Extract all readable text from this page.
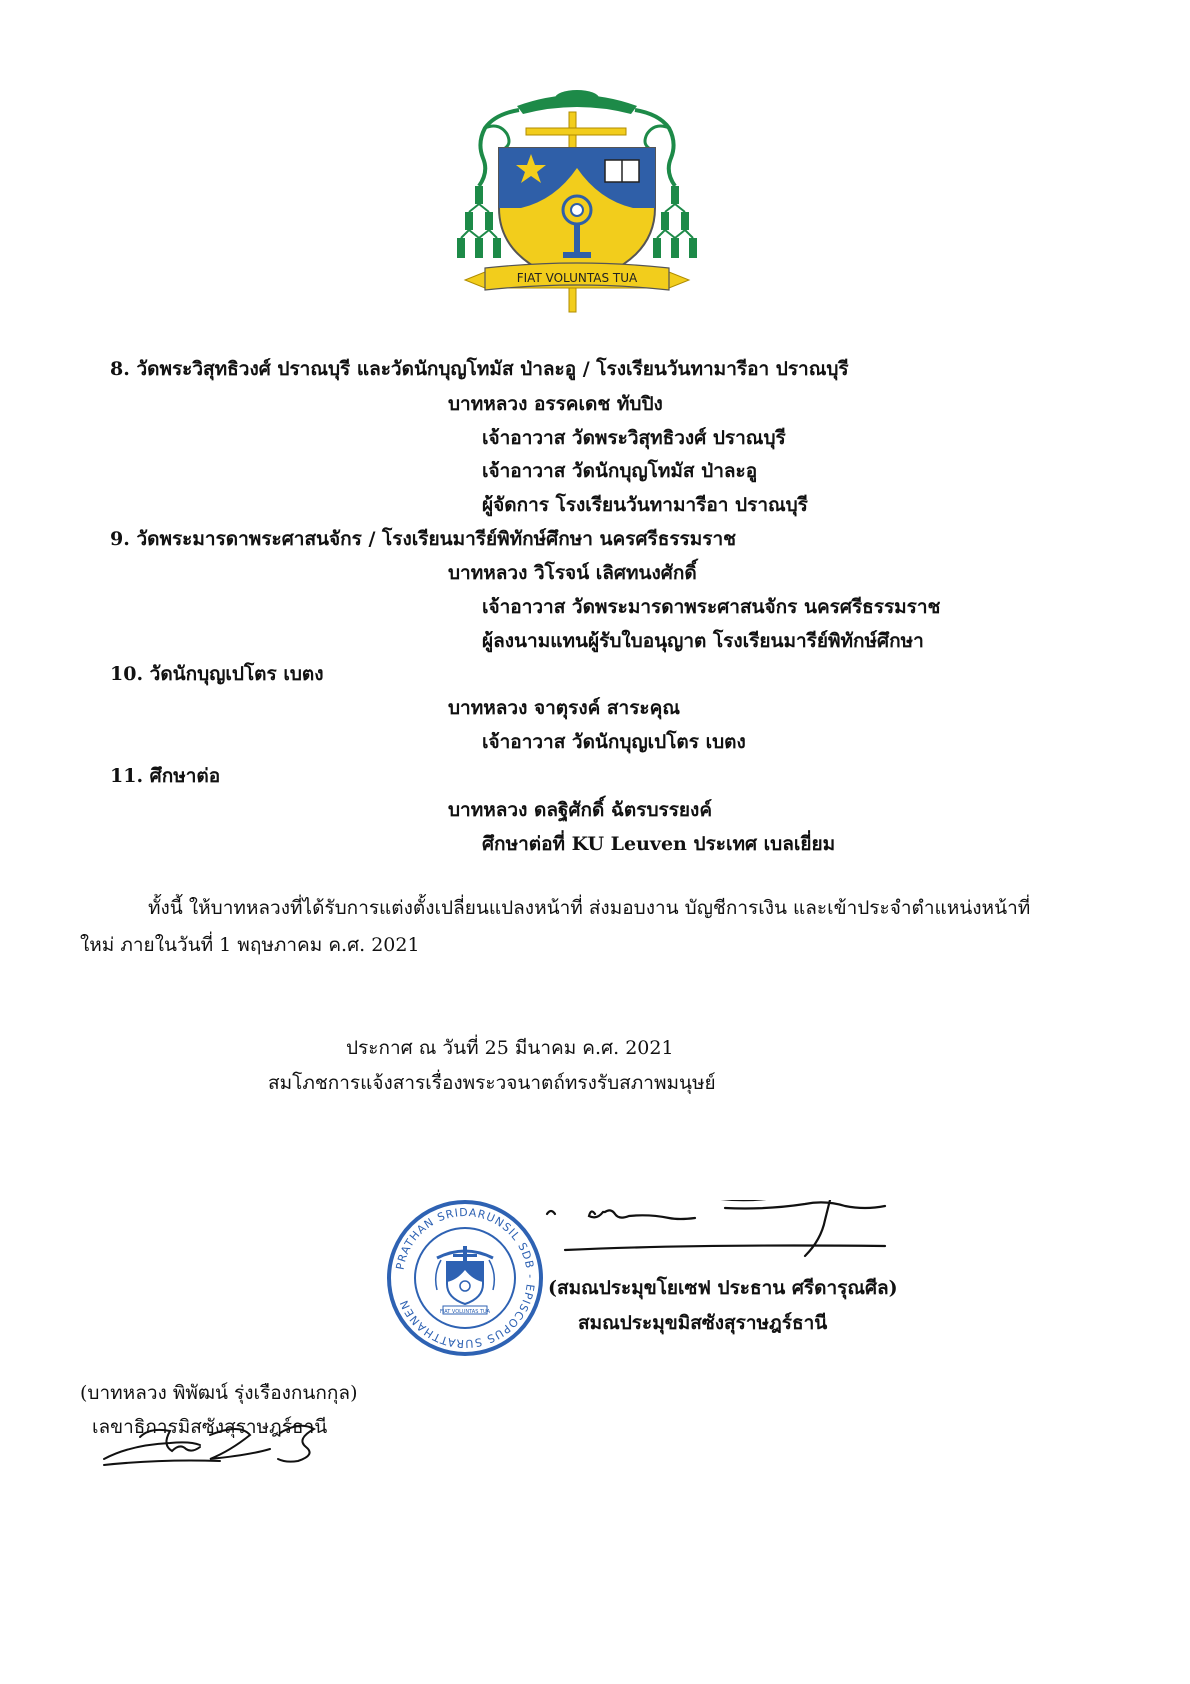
FIAT VOLUNTAS TUA
8. วัดพระวิสุทธิวงศ์ ปราณบุรี และวัดนักบุญโทมัส ป่าละอู / โรงเรียนวันทามารีอา ปราณบุรี
บาทหลวง อรรคเดช ทับปิง
เจ้าอาวาส วัดพระวิสุทธิวงศ์ ปราณบุรี
เจ้าอาวาส วัดนักบุญโทมัส ป่าละอู
ผู้จัดการ โรงเรียนวันทามารีอา ปราณบุรี
9. วัดพระมารดาพระศาสนจักร / โรงเรียนมารีย์พิทักษ์ศึกษา นครศรีธรรมราช
บาทหลวง วิโรจน์ เลิศทนงศักดิ์
เจ้าอาวาส วัดพระมารดาพระศาสนจักร นครศรีธรรมราช
ผู้ลงนามแทนผู้รับใบอนุญาต โรงเรียนมารีย์พิทักษ์ศึกษา
10. วัดนักบุญเปโตร เบตง
บาทหลวง จาตุรงค์ สาระคุณ
เจ้าอาวาส วัดนักบุญเปโตร เบตง
11. ศึกษาต่อ
บาทหลวง ดลฐิศักดิ์ ฉัตรบรรยงค์
ศึกษาต่อที่ KU Leuven ประเทศ เบลเยี่ยม
ทั้งนี้ ให้บาทหลวงที่ได้รับการแต่งตั้งเปลี่ยนแปลงหน้าที่ ส่งมอบงาน บัญชีการเงิน และเข้าประจำตำแหน่งหน้าที่
ใหม่ ภายในวันที่ 1 พฤษภาคม ค.ศ. 2021
ประกาศ ณ วันที่ 25 มีนาคม ค.ศ. 2021
สมโภชการแจ้งสารเรื่องพระวจนาตถ์ทรงรับสภาพมนุษย์
PRATHAN SRIDARUNSIL SDB - EPISCOPUS SURATTHANEN
FIAT VOLUNTAS TUA
(สมณประมุขโยเซฟ ประธาน ศรีดารุณศีล)
สมณประมุขมิสซังสุราษฎร์ธานี
(บาทหลวง พิพัฒน์ รุ่งเรืองกนกกุล)
เลขาธิการมิสซังสุราษฎร์ธานี
